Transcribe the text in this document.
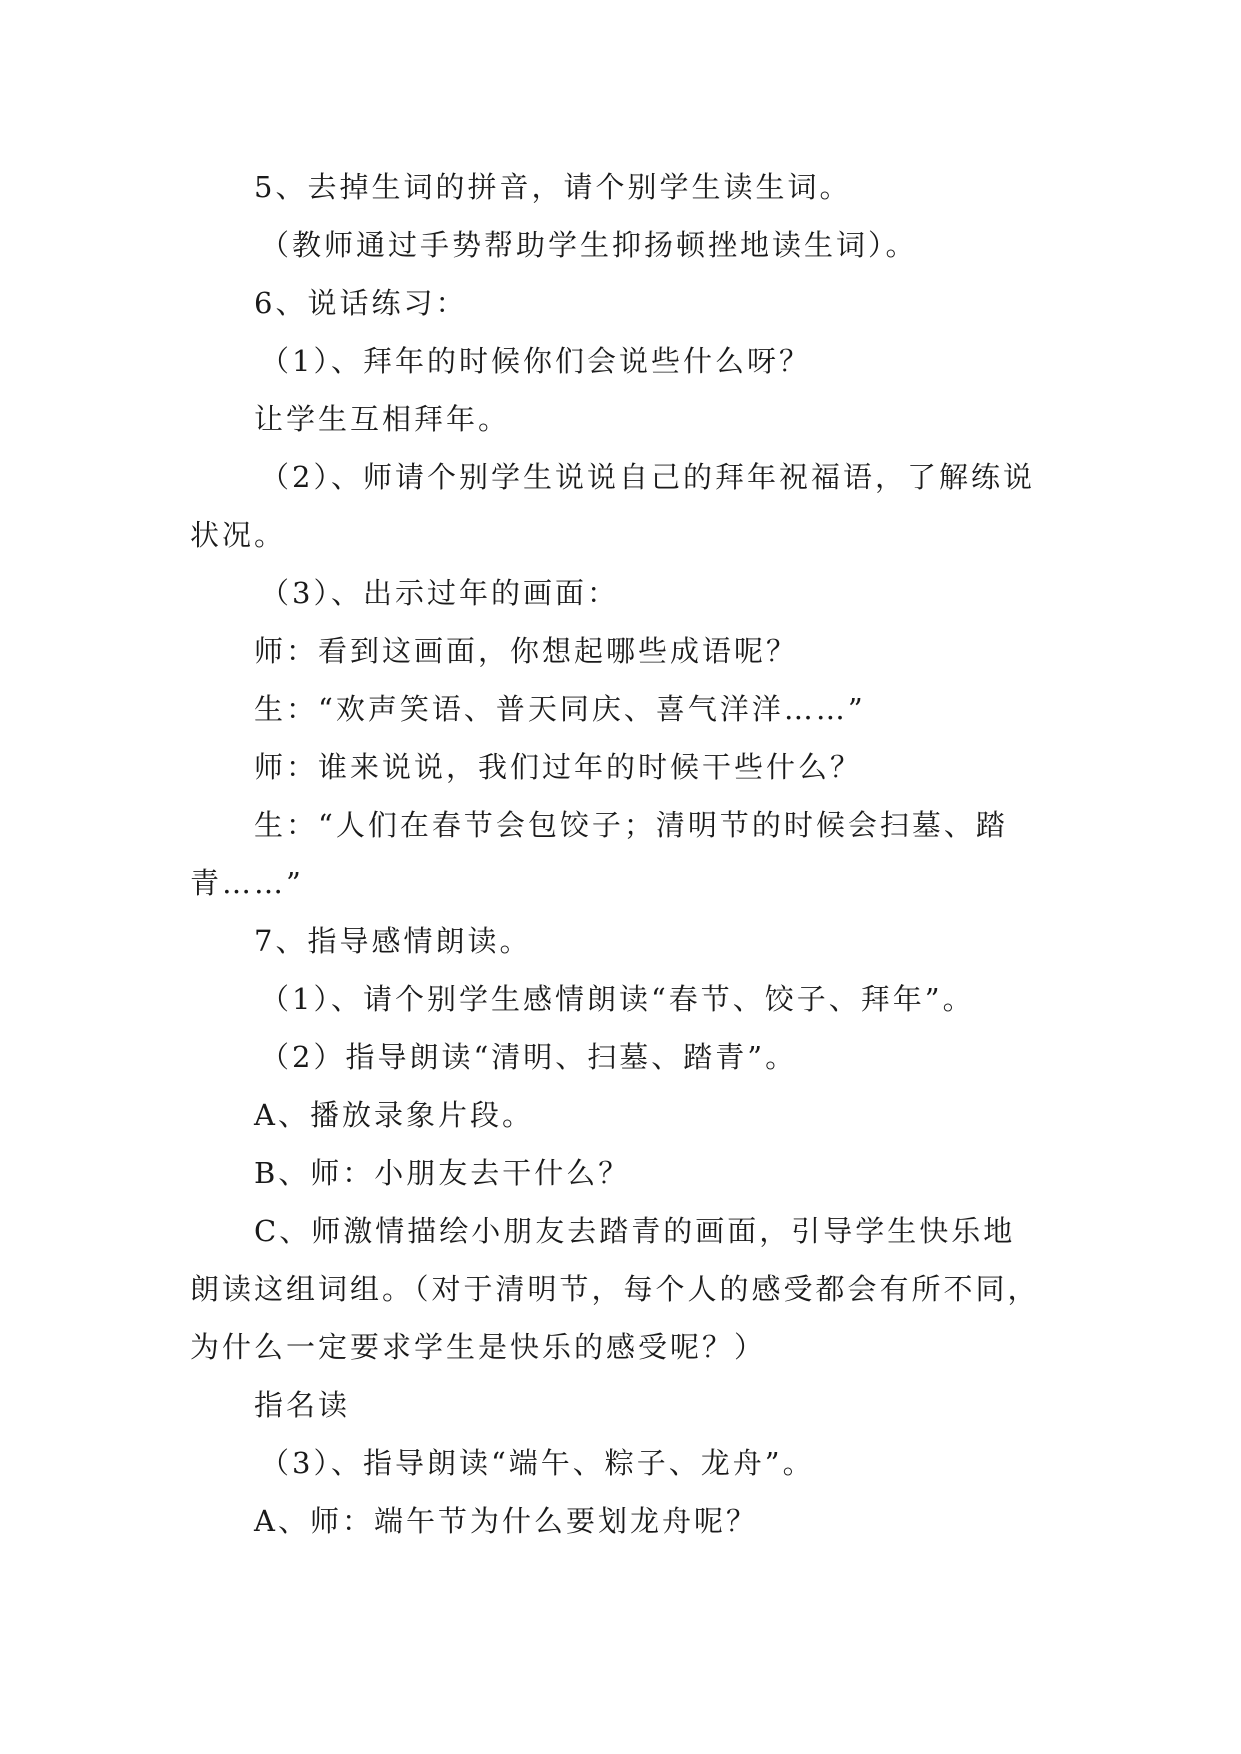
5、去掉生词的拼音，请个别学生读生词。
（教师通过手势帮助学生抑扬顿挫地读生词）。
6、说话练习：
（1）、拜年的时候你们会说些什么呀？
让学生互相拜年。
（2）、师请个别学生说说自己的拜年祝福语，了解练说
状况。
（3）、出示过年的画面：
师：看到这画面，你想起哪些成语呢？
生：“欢声笑语、普天同庆、喜气洋洋……”
师：谁来说说，我们过年的时候干些什么？
生：“人们在春节会包饺子；清明节的时候会扫墓、踏
青……”
7、指导感情朗读。
（1）、请个别学生感情朗读“春节、饺子、拜年”。
（2）指导朗读“清明、扫墓、踏青”。
A、播放录象片段。
B、师：小朋友去干什么？
C、师激情描绘小朋友去踏青的画面，引导学生快乐地
朗读这组词组。（对于清明节，每个人的感受都会有所不同，
为什么一定要求学生是快乐的感受呢？）
指名读
（3）、指导朗读“端午、粽子、龙舟”。
A、师：端午节为什么要划龙舟呢？
